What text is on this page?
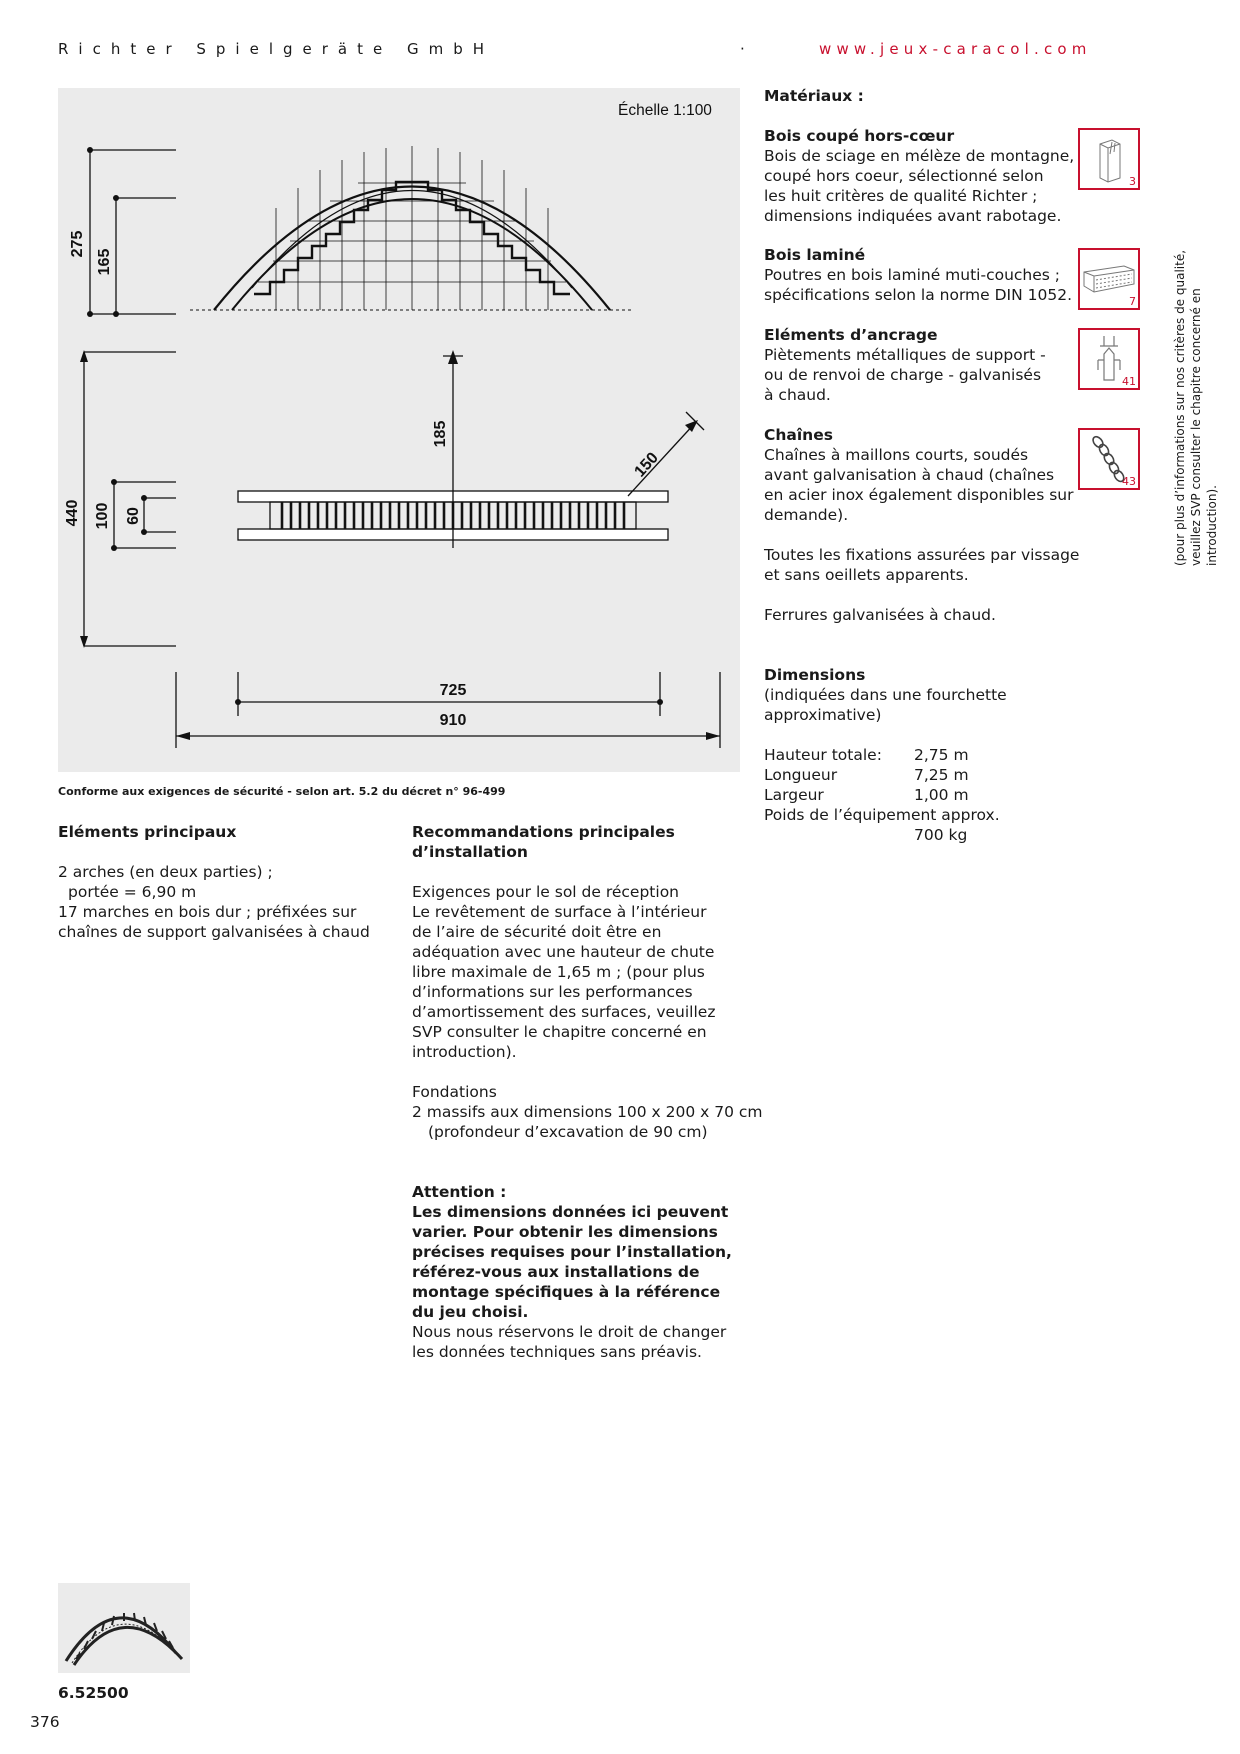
Richter Spielgeräte GmbH	·	www.jeux-caracol.com
Échelle 1:100
275
165
440 100 60
185
150
725
910
Conforme aux exigences de sécurité - selon art. 5.2 du décret n° 96-499
Eléments principaux
2 arches (en deux parties) ;
portée = 6,90 m
17 marches en bois dur ; préfixées sur
chaînes de support galvanisées à chaud
Recommandations principales
d’installation
Exigences pour le sol de réception
Le revêtement de surface à l’intérieur
de l’aire de sécurité doit être en
adéquation avec une hauteur de chute
libre maximale de 1,65 m ; (pour plus
d’informations sur les performances
d’amortissement des surfaces, veuillez
SVP consulter le chapitre concerné en
introduction).
Fondations
2 massifs aux dimensions 100 x 200 x 70 cm
(profondeur d’excavation de 90 cm)
Attention :
Les dimensions données ici peuvent
varier. Pour obtenir les dimensions
précises requises pour l’installation,
référez-vous aux installations de
montage spécifiques à la référence
du jeu choisi.
Nous nous réservons le droit de changer
les données techniques sans préavis.
Matériaux :
Bois coupé hors-cœur
Bois de sciage en mélèze de montagne,
coupé hors coeur, sélectionné selon
les huit critères de qualité Richter ;
dimensions indiquées avant rabotage.
3
Bois laminé
Poutres en bois laminé muti-couches ;
spécifications selon la norme DIN 1052.	7
Eléments d’ancrage
Piètements métalliques de support -
ou de renvoi de charge - galvanisés
à chaud.
41
Chaînes
Chaînes à maillons courts, soudés
avant galvanisation à chaud (chaînes
en acier inox également disponibles sur
demande).
43
Toutes les fixations assurées par vissage
et sans oeillets apparents.
Ferrures galvanisées à chaud.
Dimensions
(indiquées dans une fourchette
approximative)
Hauteur totale:	2,75 m
Longueur	7,25 m
Largeur	1,00 m
Poids de l’équipement approx.
700 kg
(pour plus d’informations sur nos critères de qualité, veuillez SVP consulter le chapitre concerné en introduction).
6.52500
376
